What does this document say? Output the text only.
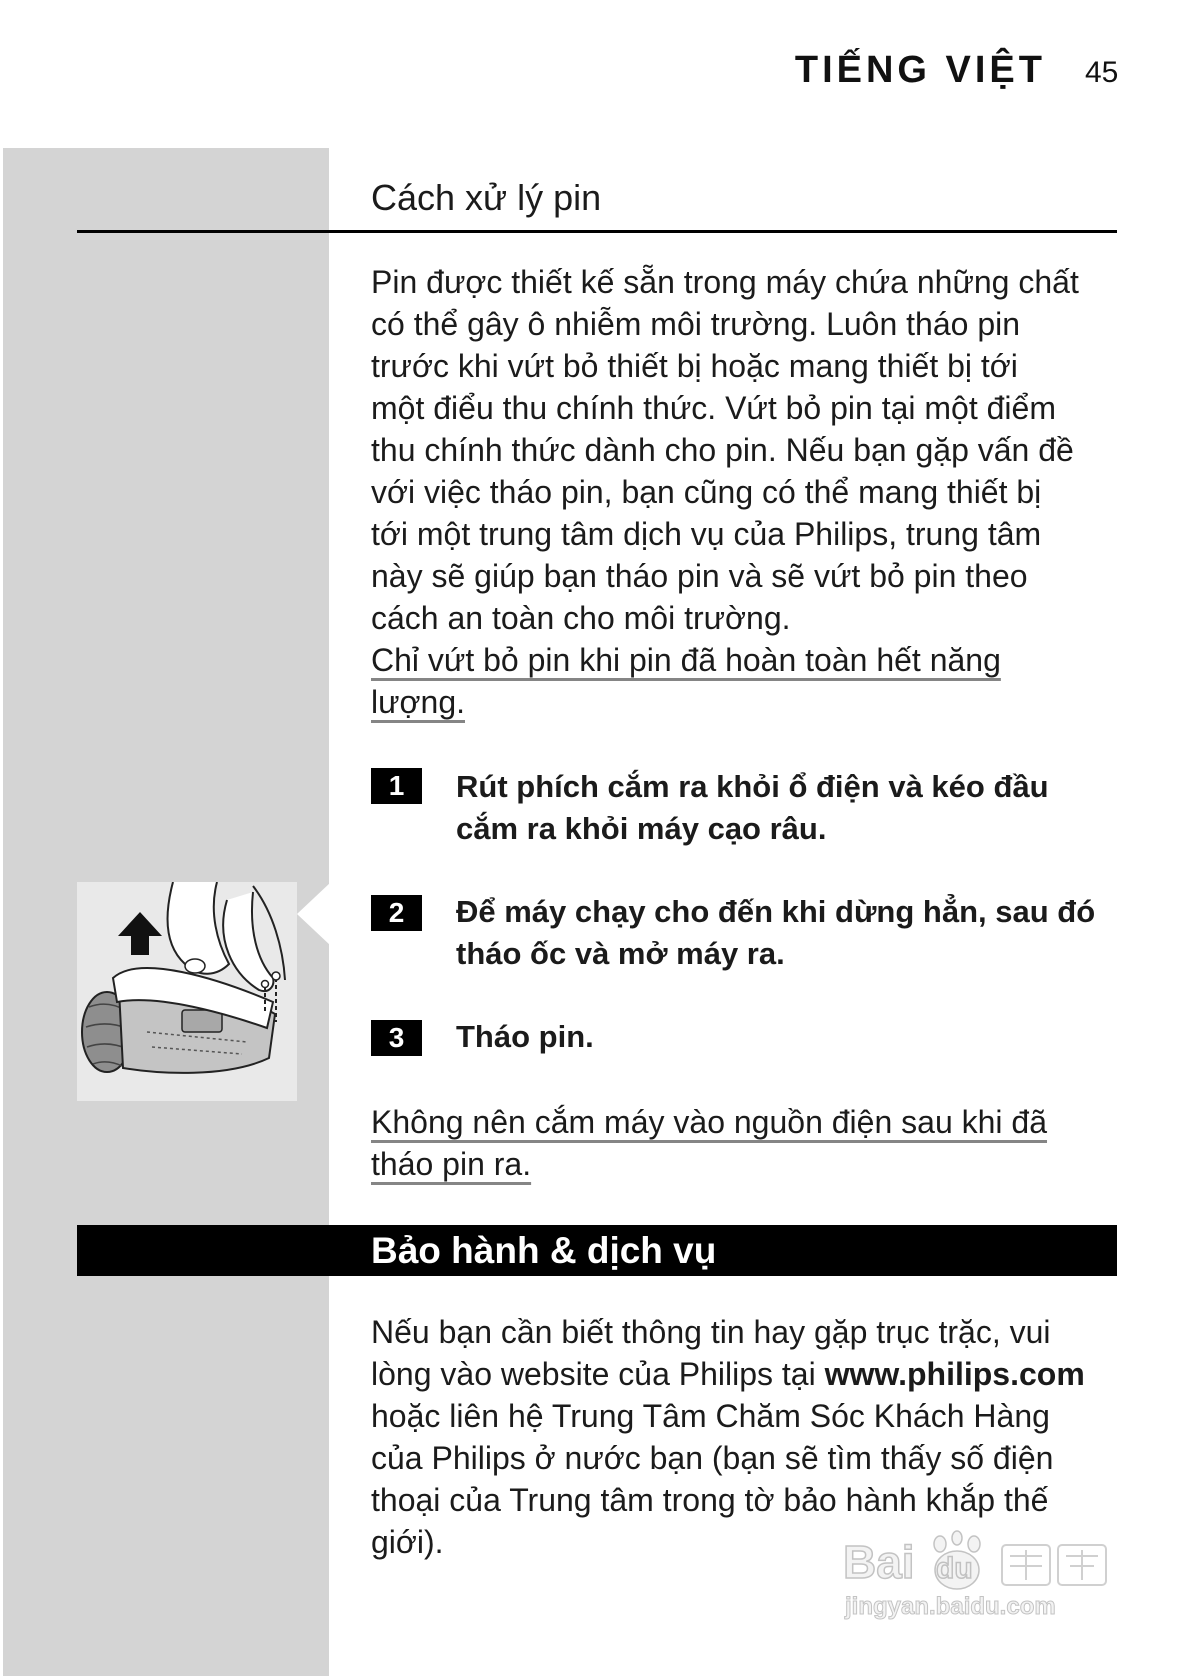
TIẾNG VIỆT 45
Cách xử lý pin
Pin được thiết kế sẵn trong máy chứa những chất
có thể gây ô nhiễm môi trường. Luôn tháo pin
trước khi vứt bỏ thiết bị hoặc mang thiết bị tới
một điểu thu chính thức. Vứt bỏ pin tại một điểm
thu chính thức dành cho pin. Nếu bạn gặp vấn đề
với việc tháo pin, bạn cũng có thể mang thiết bị
tới một trung tâm dịch vụ của Philips, trung tâm
này sẽ giúp bạn tháo pin và sẽ vứt bỏ pin theo
cách an toàn cho môi trường.
Chỉ vứt bỏ pin khi pin đã hoàn toàn hết năng
lượng.
1	Rút phích cắm ra khỏi ổ điện và kéo đầu
cắm ra khỏi máy cạo râu.
2	Để máy chạy cho đến khi dừng hẳn, sau đó
tháo ốc và mở máy ra.
3	Tháo pin.
Không nên cắm máy vào nguồn điện sau khi đã
tháo pin ra.
Bảo hành & dịch vụ
Nếu bạn cần biết thông tin hay gặp trục trặc, vui
lòng vào website của Philips tại www.philips.com
hoặc liên hệ Trung Tâm Chăm Sóc Khách Hàng
của Philips ở nước bạn (bạn sẽ tìm thấy số điện
thoại của Trung tâm trong tờ bảo hành khắp thế
giới).	Bai du
jingyan.baidu.com
